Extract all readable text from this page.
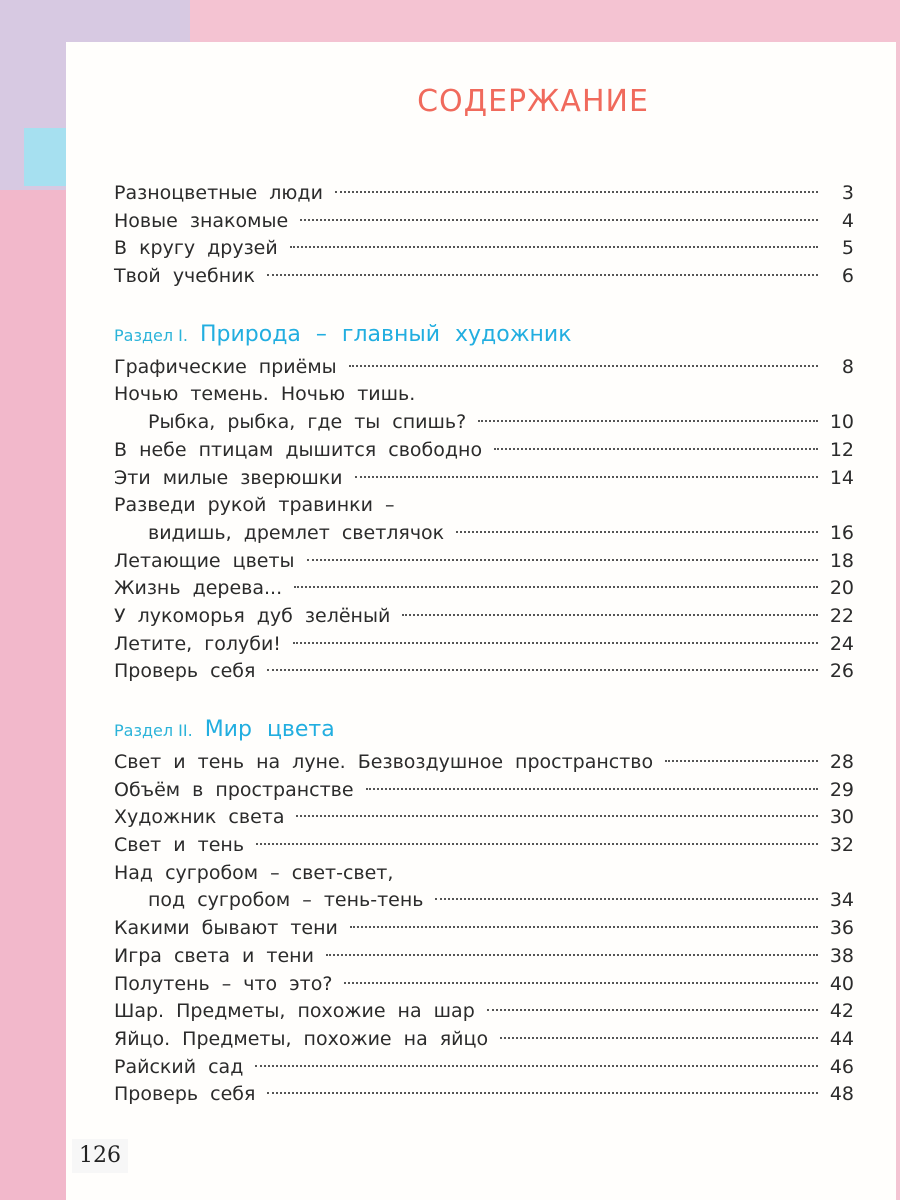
СОДЕРЖАНИЕ
Разноцветные люди	3
Новые знакомые	4
В кругу друзей	5
Твой учебник	6
Раздел I. Природа – главный художник
Графические приёмы	8
Ночью темень. Ночью тишь.
Рыбка, рыбка, где ты спишь?	10
В небе птицам дышится свободно	12
Эти милые зверюшки	14
Разведи рукой травинки –
видишь, дремлет светлячок	16
Летающие цветы	18
Жизнь дерева...	20
У лукоморья дуб зелёный	22
Летите, голуби!	24
Проверь себя	26
Раздел II. Мир цвета
Свет и тень на луне. Безвоздушное пространство	28
Объём в пространстве	29
Художник света	30
Свет и тень	32
Над сугробом – свет-свет,
под сугробом – тень-тень	34
Какими бывают тени	36
Игра света и тени	38
Полутень – что это?	40
Шар. Предметы, похожие на шар	42
Яйцо. Предметы, похожие на яйцо	44
Райский сад	46
Проверь себя	48
126
